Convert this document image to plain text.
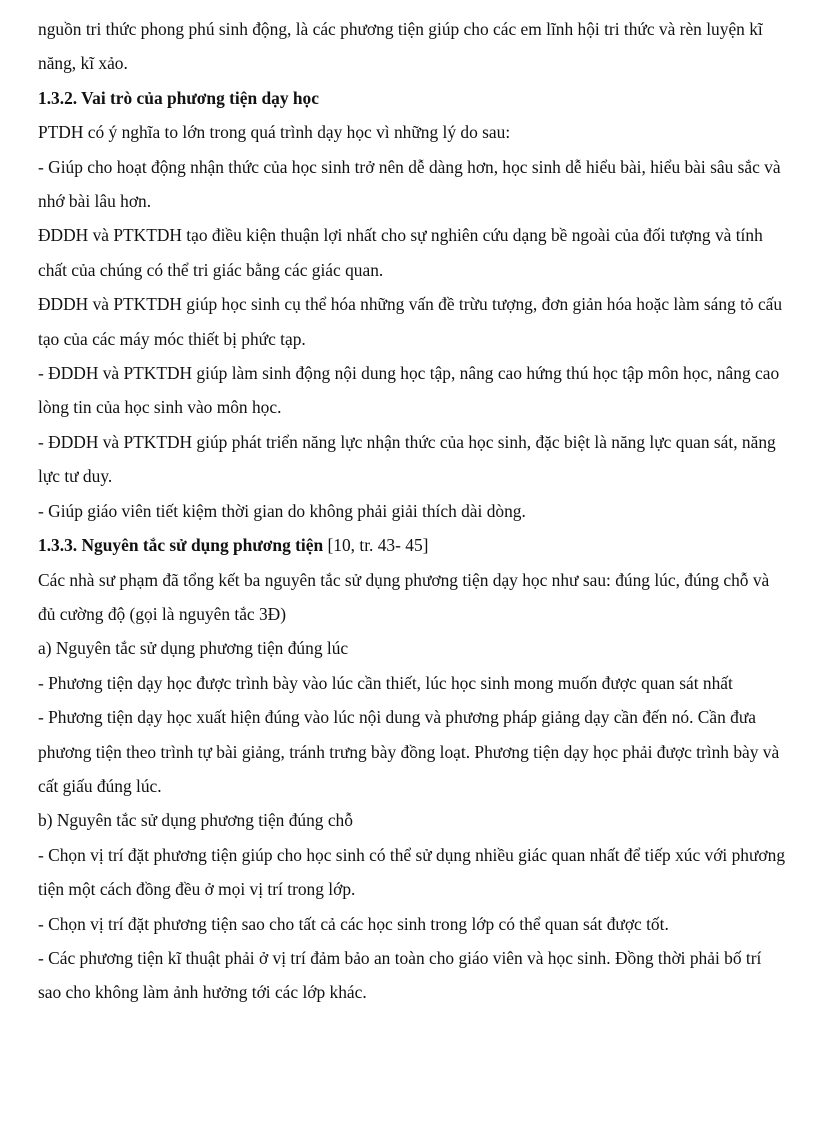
nguồn tri thức phong phú sinh động, là các phương tiện giúp cho các em lĩnh hội tri thức và rèn luyện kĩ năng, kĩ xảo.

1.3.2. Vai trò của phương tiện dạy học

PTDH có ý nghĩa to lớn trong quá trình dạy học vì những lý do sau:

- Giúp cho hoạt động nhận thức của học sinh trở nên dễ dàng hơn, học sinh dễ hiểu bài, hiểu bài sâu sắc và nhớ bài lâu hơn.

ĐDDH và PTKTDH tạo điều kiện thuận lợi nhất cho sự nghiên cứu dạng bề ngoài của đối tượng và tính chất của chúng có thể tri giác bằng các giác quan.

ĐDDH và PTKTDH giúp học sinh cụ thể hóa những vấn đề trừu tượng, đơn giản hóa hoặc làm sáng tỏ cấu tạo của các máy móc thiết bị phức tạp.

- ĐDDH và PTKTDH giúp làm sinh động nội dung học tập, nâng cao hứng thú học tập môn học, nâng cao lòng tin của học sinh vào môn học.

- ĐDDH và PTKTDH giúp phát triển năng lực nhận thức của học sinh, đặc biệt là năng lực quan sát, năng lực tư duy.

- Giúp giáo viên tiết kiệm thời gian do không phải giải thích dài dòng.

1.3.3. Nguyên tắc sử dụng phương tiện [10, tr. 43- 45]

Các nhà sư phạm đã tổng kết ba nguyên tắc sử dụng phương tiện dạy học như sau: đúng lúc, đúng chỗ và đủ cường độ (gọi là nguyên tắc 3Đ)

a) Nguyên tắc sử dụng phương tiện đúng lúc

- Phương tiện dạy học được trình bày vào lúc cần thiết, lúc học sinh mong muốn được quan sát nhất

- Phương tiện dạy học xuất hiện đúng vào lúc nội dung và phương pháp giảng dạy cần đến nó. Cần đưa phương tiện theo trình tự bài giảng, tránh trưng bày đồng loạt. Phương tiện dạy học phải được trình bày và cất giấu đúng lúc.

b) Nguyên tắc sử dụng phương tiện đúng chỗ

- Chọn vị trí đặt phương tiện giúp cho học sinh có thể sử dụng nhiều giác quan nhất để tiếp xúc với phương tiện một cách đồng đều ở mọi vị trí trong lớp.

- Chọn vị trí đặt phương tiện sao cho tất cả các học sinh trong lớp có thể quan sát được tốt.

- Các phương tiện kĩ thuật phải ở vị trí đảm bảo an toàn cho giáo viên và học sinh. Đồng thời phải bố trí sao cho không làm ảnh hưởng tới các lớp khác.
